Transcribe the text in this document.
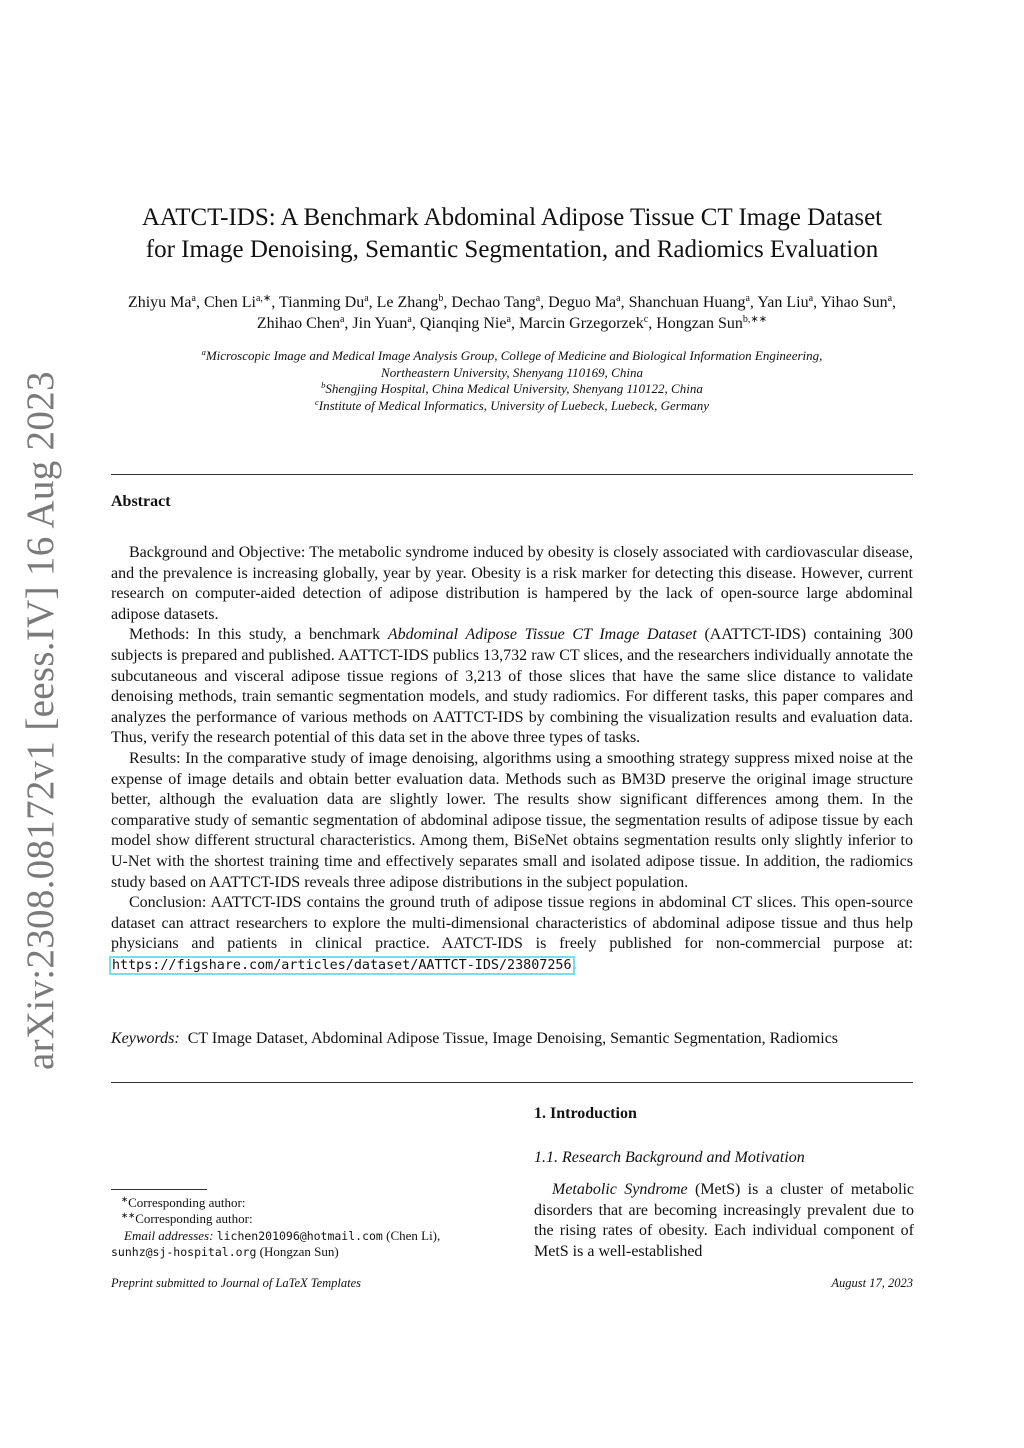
arXiv:2308.08172v1 [eess.IV] 16 Aug 2023
AATCT-IDS: A Benchmark Abdominal Adipose Tissue CT Image Dataset
for Image Denoising, Semantic Segmentation, and Radiomics Evaluation
Zhiyu Ma$^a$, Chen $Li^{a,∗}$, Tianming Du$^a$, Le Zhang$^b$, Dechao Tang$^a$, Deguo Ma$^a$, Shanchuan Huang$^a$, Yan Liu$^a$, Yihao Sun$^a$, Zhihao Chen$^a$, Jin Yuan$^a$, Qianqing Nie$^a$, Marcin Grzegorzek$^c$, Hongzan Sun$^{b,∗∗}$
$^a$Microscopic Image and Medical Image Analysis Group, College of Medicine and Biological Information Engineering,
Northeastern University, Shenyang 110169, China
$^b$Shengjing Hospital, China Medical University, Shenyang 110122, China
$^c$Institute of Medical Informatics, University of Luebeck, Luebeck, Germany
Abstract

Background and Objective: The metabolic syndrome induced by obesity is closely associated with cardiovascular disease, and the prevalence is increasing globally, year by year. Obesity is a risk marker for detecting this disease. However, current research on computer-aided detection of adipose distribution is hampered by the lack of open-source large abdominal adipose datasets.

Methods: In this study, a benchmark Abdominal Adipose Tissue CT Image Dataset (AATTCT-IDS) containing 300 subjects is prepared and published. AATTCT-IDS publics 13,732 raw CT slices, and the researchers individually annotate the subcutaneous and visceral adipose tissue regions of 3,213 of those slices that have the same slice distance to validate denoising methods, train semantic segmentation models, and study radiomics. For different tasks, this paper compares and analyzes the performance of various methods on AATTCT-IDS by combining the visualization results and evaluation data. Thus, verify the research potential of this data set in the above three types of tasks.

Results: In the comparative study of image denoising, algorithms using a smoothing strategy suppress mixed noise at the expense of image details and obtain better evaluation data. Methods such as BM3D preserve the original image structure better, although the evaluation data are slightly lower. The results show significant differences among them. In the comparative study of semantic segmentation of abdominal adipose tissue, the segmentation results of adipose tissue by each model show different structural characteristics. Among them, BiSeNet obtains segmentation results only slightly inferior to U-Net with the shortest training time and effectively separates small and isolated adipose tissue. In addition, the radiomics study based on AATTCT-IDS reveals three adipose distributions in the subject population.

Conclusion: AATTCT-IDS contains the ground truth of adipose tissue regions in abdominal CT slices. This open-source dataset can attract researchers to explore the multi-dimensional characteristics of abdominal adipose tissue and thus help physicians and patients in clinical practice. AATCT-IDS is freely published for non-commercial purpose at: https://figshare.com/articles/dataset/AATTCT-IDS/23807256.

Keywords: CT Image Dataset, Abdominal Adipose Tissue, Image Denoising, Semantic Segmentation, Radiomics
1. Introduction
1.1. Research Background and Motivation
Metabolic Syndrome (MetS) is a cluster of metabolic disorders that are becoming increasingly prevalent due to the rising rates of obesity. Each individual component of MetS is a well-established
∗Corresponding author:
∗∗Corresponding author:
Email addresses: lichen201096@hotmail.com (Chen Li), sunhz@sj-hospital.org (Hongzan Sun)
Preprint submitted to Journal of LaTeX Templates	August 17, 2023
